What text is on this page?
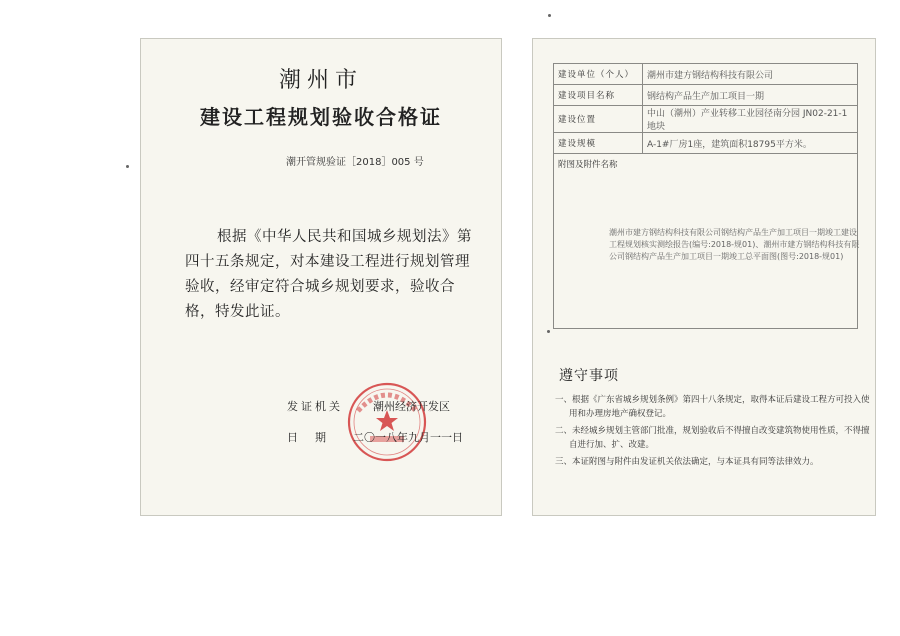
潮州市
建设工程规划验收合格证
潮开管规验证［2018］005 号
根据《中华人民共和国城乡规划法》第四十五条规定，对本建设工程进行规划管理验收，经审定符合城乡规划要求，验收合格，特发此证。
发证机关	潮州经济开发区
日　期 二〇一八年九月一一日
建设单位（个人）	潮州市建方钢结构科技有限公司
建设项目名称	钢结构产品生产加工项目一期
建设位置	中山（潮州）产业转移工业园径南分园 JN02-21-1地块
建设规模	A-1#厂房1座，建筑面积18795平方米。
附图及附件名称	
潮州市建方钢结构科技有限公司钢结构产品生产加工项目一期竣工建设工程规划核实测绘报告(编号:2018-规01)、潮州市建方钢结构科技有限公司钢结构产品生产加工项目一期竣工总平面图(图号:2018-规01)
遵守事项
一、根据《广东省城乡规划条例》第四十八条规定，取得本证后建设工程方可投入使用和办理房地产确权登记。
二、未经城乡规划主管部门批准，规划验收后不得擅自改变建筑物使用性质，不得擅自进行加、扩、改建。
三、本证附图与附件由发证机关依法确定，与本证具有同等法律效力。
